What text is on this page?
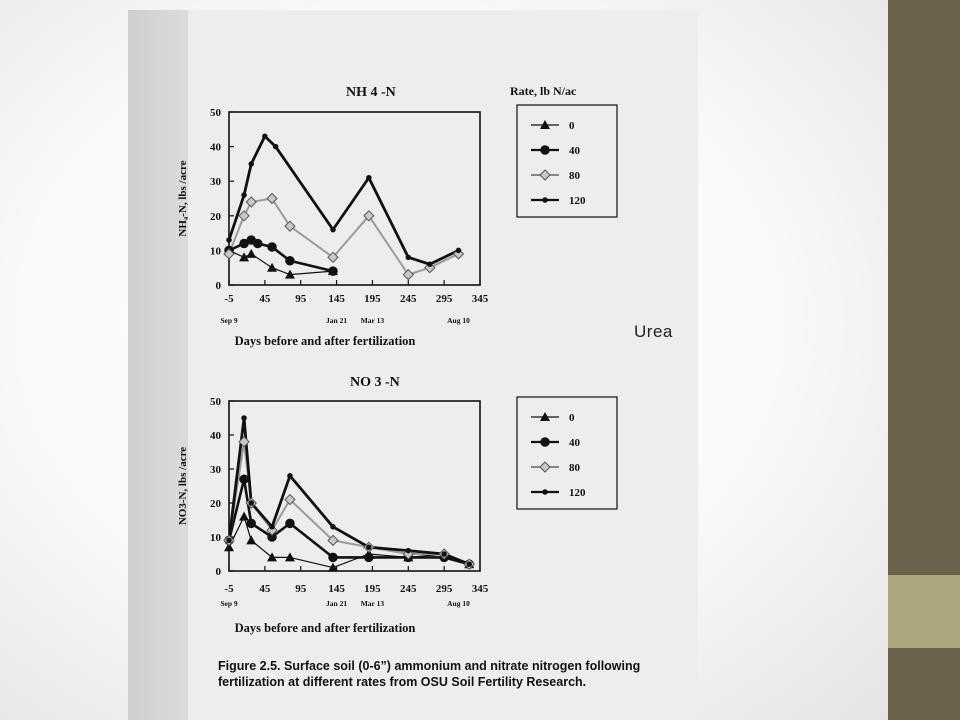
NH 4 -N
0
10
20
30
40
50
-5 45 95 145 195 245 295 345
Sep 9	Jan 21 Mar 13	Aug 10
Days before and after fertilization
NH₄-N, lbs /acre
Rate, lb N/ac
0
40
80
120
NO 3 -N
0
10
20
30
40
50
-5 45 95 145 195 245 295 345
Sep 9	Jan 21 Mar 13	Aug 10
Days before and after fertilization
NO3-N, lbs /acre
0
40
80
120
Urea
Figure 2.5. Surface soil (0-6”) ammonium and nitrate nitrogen following
fertilization at different rates from OSU Soil Fertility Research.
